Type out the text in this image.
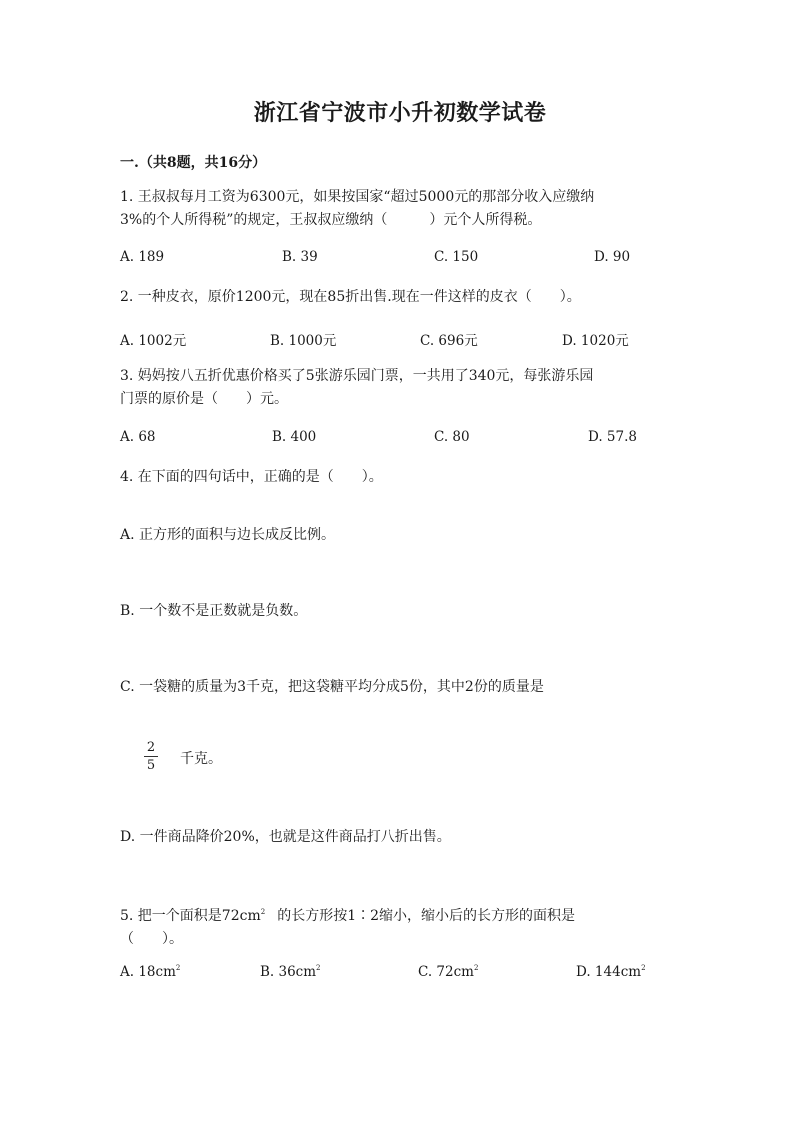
浙江省宁波市小升初数学试卷
一.（共8题，共16分）
1. 王叔叔每月工资为6300元，如果按国家“超过5000元的那部分收入应缴纳
3%的个人所得税”的规定，王叔叔应缴纳（　　　）元个人所得税。
A. 189	B. 39	C. 150	D. 90
2. 一种皮衣，原价1200元，现在85折出售.现在一件这样的皮衣（　　）。
A. 1002元	B. 1000元	C. 696元	D. 1020元
3. 妈妈按八五折优惠价格买了5张游乐园门票，一共用了340元，每张游乐园
门票的原价是（　　）元。
A. 68	B. 400	C. 80	D. 57.8
4. 在下面的四句话中，正确的是（　　）。
A. 正方形的面积与边长成反比例。
B. 一个数不是正数就是负数。
C. 一袋糖的质量为3千克，把这袋糖平均分成5份，其中2份的质量是
$\frac{2}{5}$ 千克。
D. 一件商品降价20%，也就是这件商品打八折出售。
5. 把一个面积是$72cm^2$ 的长方形按1∶2缩小，缩小后的长方形的面积是
（　　）。
A. $18cm^2$	B. $36cm^2$	C. $72cm^2$	D. $144cm^2$
